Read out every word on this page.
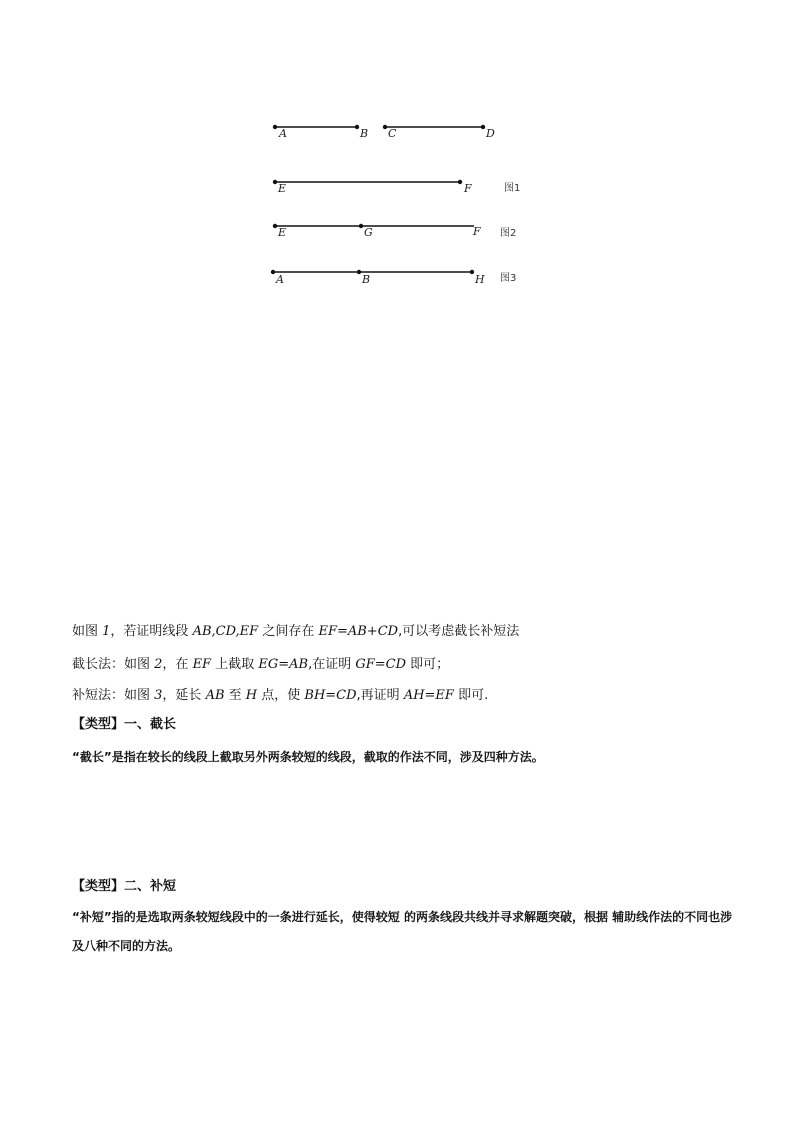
A	B C	D
E	F	图1
E	G	F 图2
A	B	H 图3
如图 1，若证明线段 AB,CD,EF 之间存在 EF=AB+CD,可以考虑截长补短法
截长法：如图 2，在 EF 上截取 EG=AB,在证明 GF=CD 即可；
补短法：如图 3，延长 AB 至 H 点，使 BH=CD,再证明 AH=EF 即可.
【类型】一、截长
“截长”是指在较长的线段上截取另外两条较短的线段，截取的作法不同，涉及四种方法。
【类型】二、补短
“补短”指的是选取两条较短线段中的一条进行延长，使得较短 的两条线段共线并寻求解题突破，根据 辅助线作法的不同也涉及八种不同的方法。
